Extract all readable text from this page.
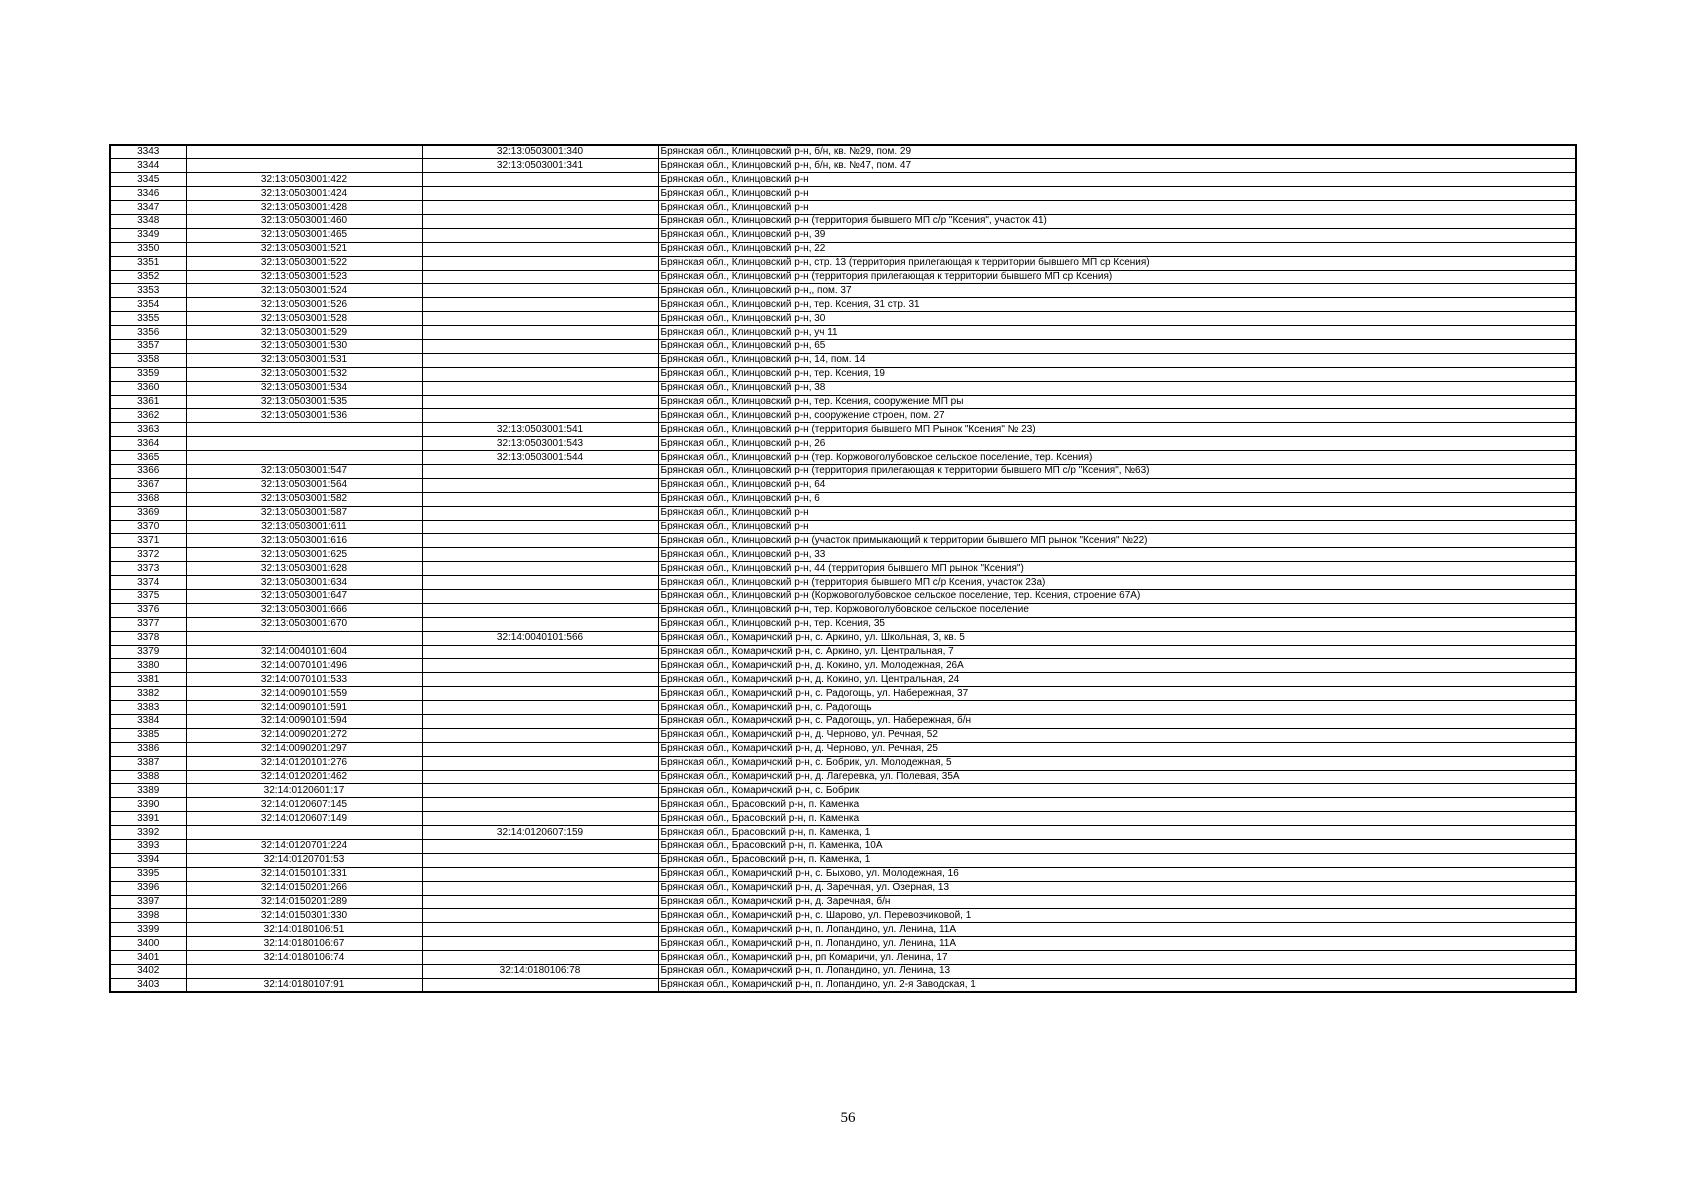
3343		32:13:0503001:340	Брянская обл., Клинцовский р-н, б/н, кв. №29, пом. 29
3344		32:13:0503001:341	Брянская обл., Клинцовский р-н, б/н, кв. №47, пом. 47
3345	32:13:0503001:422		Брянская обл., Клинцовский р-н
3346	32:13:0503001:424		Брянская обл., Клинцовский р-н
3347	32:13:0503001:428		Брянская обл., Клинцовский р-н
3348	32:13:0503001:460		Брянская обл., Клинцовский р-н (территория бывшего МП с/р "Ксения", участок 41)
3349	32:13:0503001:465		Брянская обл., Клинцовский р-н, 39
3350	32:13:0503001:521		Брянская обл., Клинцовский р-н, 22
3351	32:13:0503001:522		Брянская обл., Клинцовский р-н, стр. 13 (территория прилегающая к территории бывшего МП ср Ксения)
3352	32:13:0503001:523		Брянская обл., Клинцовский р-н (территория прилегающая к территории бывшего МП ср Ксения)
3353	32:13:0503001:524		Брянская обл., Клинцовский р-н,, пом. 37
3354	32:13:0503001:526		Брянская обл., Клинцовский р-н, тер. Ксения, 31 стр. 31
3355	32:13:0503001:528		Брянская обл., Клинцовский р-н, 30
3356	32:13:0503001:529		Брянская обл., Клинцовский р-н, уч 11
3357	32:13:0503001:530		Брянская обл., Клинцовский р-н, 65
3358	32:13:0503001:531		Брянская обл., Клинцовский р-н, 14, пом. 14
3359	32:13:0503001:532		Брянская обл., Клинцовский р-н, тер. Ксения, 19
3360	32:13:0503001:534		Брянская обл., Клинцовский р-н, 38
3361	32:13:0503001:535		Брянская обл., Клинцовский р-н, тер. Ксения, сооружение МП ры
3362	32:13:0503001:536		Брянская обл., Клинцовский р-н, сооружение строен, пом. 27
3363		32:13:0503001:541	Брянская обл., Клинцовский р-н (территория бывшего МП Рынок "Ксения" № 23)
3364		32:13:0503001:543	Брянская обл., Клинцовский р-н, 26
3365		32:13:0503001:544	Брянская обл., Клинцовский р-н (тер. Коржовоголубовское сельское поселение, тер. Ксения)
3366	32:13:0503001:547		Брянская обл., Клинцовский р-н (территория прилегающая к территории бывшего МП с/р "Ксения", №63)
3367	32:13:0503001:564		Брянская обл., Клинцовский р-н, 64
3368	32:13:0503001:582		Брянская обл., Клинцовский р-н, 6
3369	32:13:0503001:587		Брянская обл., Клинцовский р-н
3370	32:13:0503001:611		Брянская обл., Клинцовский р-н
3371	32:13:0503001:616		Брянская обл., Клинцовский р-н (участок примыкающий к территории бывшего МП рынок "Ксения" №22)
3372	32:13:0503001:625		Брянская обл., Клинцовский р-н, 33
3373	32:13:0503001:628		Брянская обл., Клинцовский р-н, 44 (территория бывшего МП рынок "Ксения")
3374	32:13:0503001:634		Брянская обл., Клинцовский р-н (территория бывшего МП с/р Ксения, участок 23а)
3375	32:13:0503001:647		Брянская обл., Клинцовский р-н (Коржовоголубовское сельское поселение, тер. Ксения, строение 67А)
3376	32:13:0503001:666		Брянская обл., Клинцовский р-н, тер. Коржовоголубовское сельское поселение
3377	32:13:0503001:670		Брянская обл., Клинцовский р-н, тер. Ксения, 35
3378		32:14:0040101:566	Брянская обл., Комаричский р-н, с. Аркино, ул. Школьная, 3, кв. 5
3379	32:14:0040101:604		Брянская обл., Комаричский р-н, с. Аркино, ул. Центральная, 7
3380	32:14:0070101:496		Брянская обл., Комаричский р-н, д. Кокино, ул. Молодежная, 26А
3381	32:14:0070101:533		Брянская обл., Комаричский р-н, д. Кокино, ул. Центральная, 24
3382	32:14:0090101:559		Брянская обл., Комаричский р-н, с. Радогощь, ул. Набережная, 37
3383	32:14:0090101:591		Брянская обл., Комаричский р-н, с. Радогощь
3384	32:14:0090101:594		Брянская обл., Комаричский р-н, с. Радогощь, ул. Набережная, б/н
3385	32:14:0090201:272		Брянская обл., Комаричский р-н, д. Черново, ул. Речная, 52
3386	32:14:0090201:297		Брянская обл., Комаричский р-н, д. Черново, ул. Речная, 25
3387	32:14:0120101:276		Брянская обл., Комаричский р-н, с. Бобрик, ул. Молодежная, 5
3388	32:14:0120201:462		Брянская обл., Комаричский р-н, д. Лагеревка, ул. Полевая, 35А
3389	32:14:0120601:17		Брянская обл., Комаричский р-н, с. Бобрик
3390	32:14:0120607:145		Брянская обл., Брасовский р-н, п. Каменка
3391	32:14:0120607:149		Брянская обл., Брасовский р-н, п. Каменка
3392		32:14:0120607:159	Брянская обл., Брасовский р-н, п. Каменка, 1
3393	32:14:0120701:224		Брянская обл., Брасовский р-н, п. Каменка, 10А
3394	32:14:0120701:53		Брянская обл., Брасовский р-н, п. Каменка, 1
3395	32:14:0150101:331		Брянская обл., Комаричский р-н, с. Быхово, ул. Молодежная, 16
3396	32:14:0150201:266		Брянская обл., Комаричский р-н, д. Заречная, ул. Озерная, 13
3397	32:14:0150201:289		Брянская обл., Комаричский р-н, д. Заречная, б/н
3398	32:14:0150301:330		Брянская обл., Комаричский р-н, с. Шарово, ул. Перевозчиковой, 1
3399	32:14:0180106:51		Брянская обл., Комаричский р-н, п. Лопандино, ул. Ленина, 11А
3400	32:14:0180106:67		Брянская обл., Комаричский р-н, п. Лопандино, ул. Ленина, 11А
3401	32:14:0180106:74		Брянская обл., Комаричский р-н, рп Комаричи, ул. Ленина, 17
3402		32:14:0180106:78	Брянская обл., Комаричский р-н, п. Лопандино, ул. Ленина, 13
3403	32:14:0180107:91		Брянская обл., Комаричский р-н, п. Лопандино, ул. 2-я Заводская, 1
56
